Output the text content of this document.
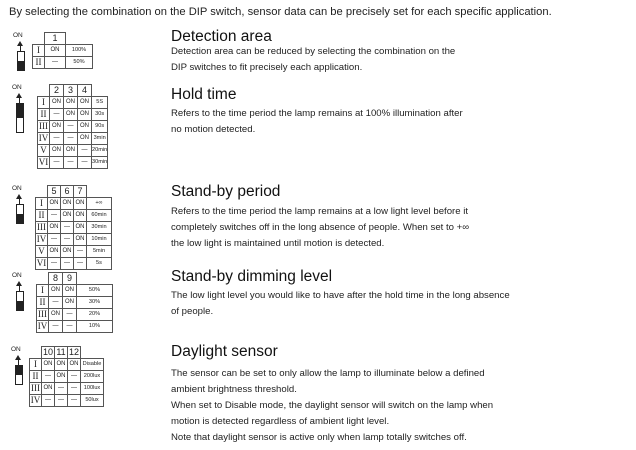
By selecting the combination on the DIP switch, sensor data can be precisely set for each specific application.
Detection area
Detection area can be reduced by selecting the combination on the
DIP switches to fit precisely each application.
ON
		1	
I	ON	100%
II	—	50%
Hold time
Refers to the time period the lamp remains at 100% illumination after
no motion detected.
ON
		2	3	4	
I	ON	ON	ON	5S
II	—	ON	ON	30s
III	ON	—	ON	90s
IV	—	—	ON	3min
V	ON	ON	—	20min
VI	—	—	—	30min
Stand-by period
Refers to the time period the lamp remains at a low light level before it
completely switches off in the long absence of people. When set to +∞
the low light is maintained until motion is detected.
ON
		5	6	7	
I	ON	ON	ON	+∞
II	—	ON	ON	60min
III	ON	—	ON	30min
IV	—	—	ON	10min
V	ON	ON	—	5min
VI	—	—	—	5s
Stand-by dimming level
The low light level you would like to have after the hold time in the long absence
of people.
ON
		8	9	
I	ON	ON	50%
II	—	ON	30%
III	ON	—	20%
IV	—	—	10%
Daylight sensor
The sensor can be set to only allow the lamp to illuminate below a defined
ambient brightness threshold.
When set to Disable mode, the daylight sensor will switch on the lamp when
motion is detected regardless of ambient light level.
Note that daylight sensor is active only when lamp totally switches off.
ON
	10	11	12	
I	ON	ON	ON	Disable
II	—	ON	—	200lux
III	ON	—	—	100lux
IV	—	—	—	50lux
